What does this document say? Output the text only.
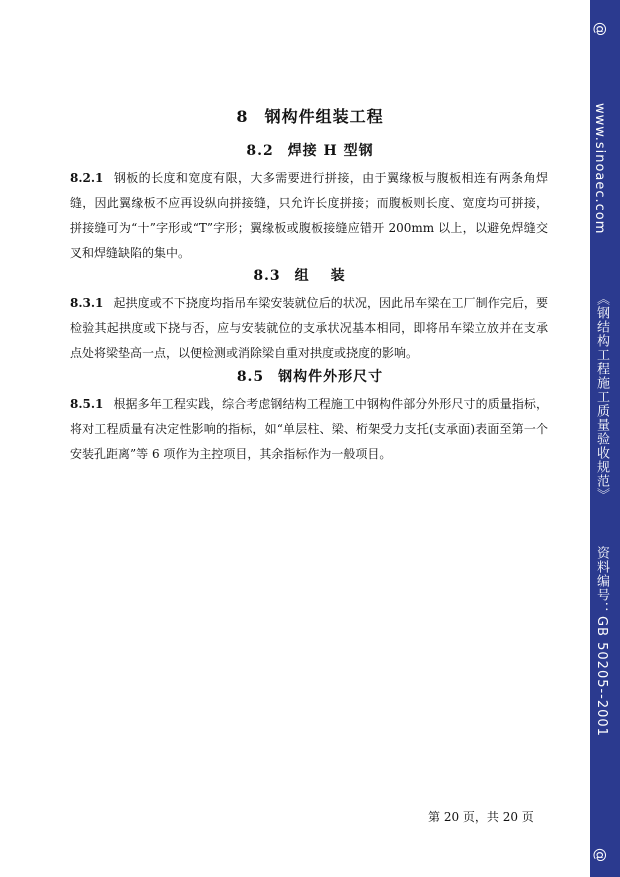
8 钢构件组装工程
8.2 焊接 H 型钢
8.2.1 钢板的长度和宽度有限，大多需要进行拼接，由于翼缘板与腹板相连有两条角焊缝，因此翼缘板不应再设纵向拼接缝，只允许长度拼接；而腹板则长度、宽度均可拼接，拼接缝可为“十”字形或“T”字形；翼缘板或腹板接缝应错开 200mm 以上，以避免焊缝交叉和焊缝缺陷的集中。
8.3 组装
8.3.1 起拱度或不下挠度均指吊车梁安装就位后的状况，因此吊车梁在工厂制作完后，要检验其起拱度或下挠与否，应与安装就位的支承状况基本相同，即将吊车梁立放并在支承点处将梁垫高一点，以便检测或消除梁自重对拱度或挠度的影响。
8.5 钢构件外形尺寸
8.5.1 根据多年工程实践，综合考虑钢结构工程施工中钢构件部分外形尺寸的质量指标，将对工程质量有决定性影响的指标，如“单层柱、梁、桁架受力支托(支承面)表面至第一个安装孔距离”等 6 项作为主控项目，其余指标作为一般项目。
第 20 页，共 20 页
@
www.sinoaec.com
《钢结构工程施工质量验收规范》
资料编号：GB 50205--2001
@
